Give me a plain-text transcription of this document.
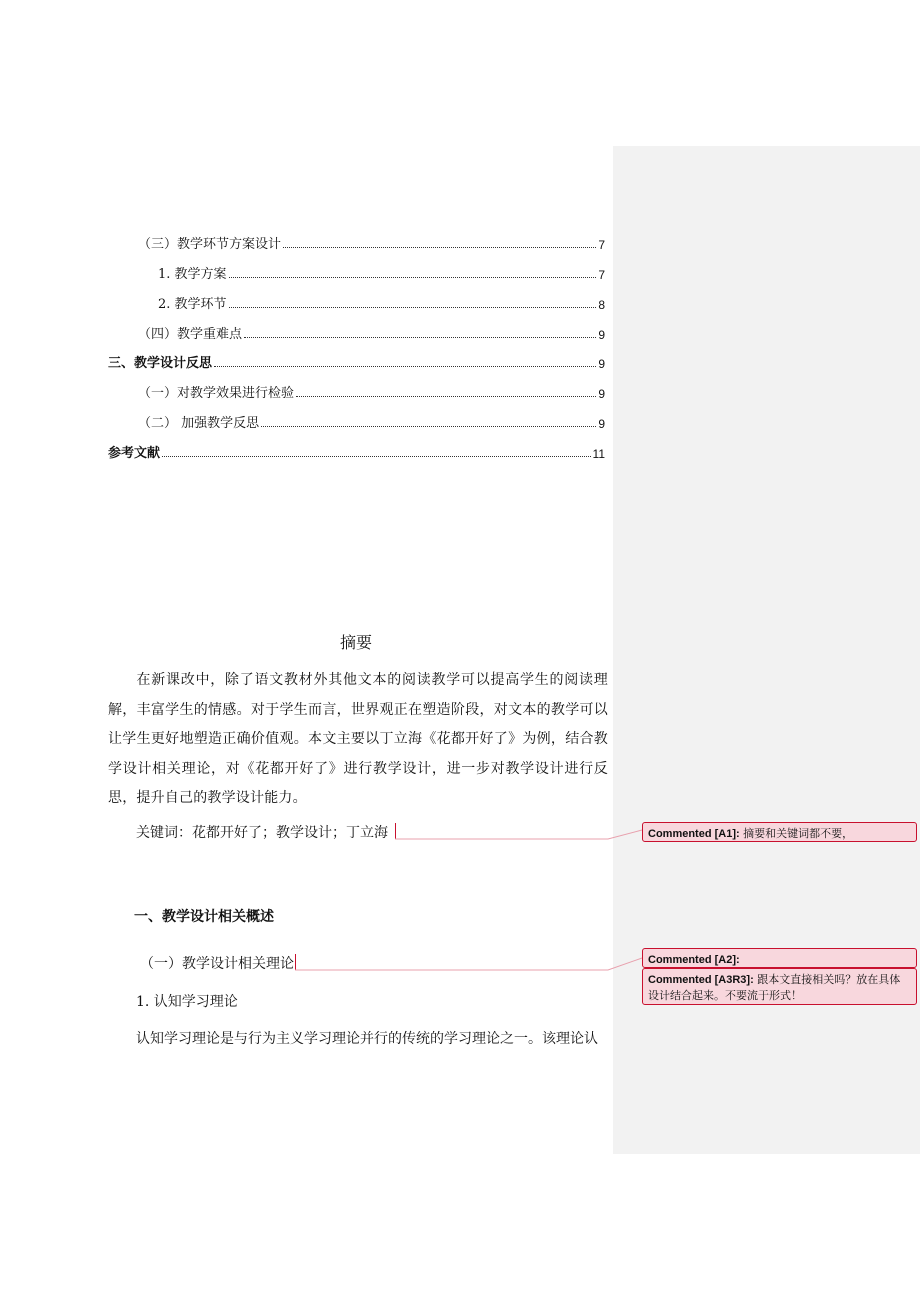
（三）教学环节方案设计	7
1. 教学方案	7
2. 教学环节	8
（四）教学重难点	9
三、教学设计反思	9
（一）对教学效果进行检验	9
（二） 加强教学反思	9
参考文献	11
摘要
在新课改中，除了语文教材外其他文本的阅读教学可以提高学生的阅读理解，丰富学生的情感。对于学生而言，世界观正在塑造阶段，对文本的教学可以让学生更好地塑造正确价值观。本文主要以丁立海《花都开好了》为例，结合教学设计相关理论，对《花都开好了》进行教学设计，进一步对教学设计进行反思，提升自己的教学设计能力。
关键词：花都开好了；教学设计；丁立海
一、教学设计相关概述
（一）教学设计相关理论
1. 认知学习理论
认知学习理论是与行为主义学习理论并行的传统的学习理论之一。该理论认
Commented [A1]: 摘要和关键词都不要，
Commented [A2]:
Commented [A3R3]: 跟本文直接相关吗？放在具体设计结合起来。不要流于形式！
